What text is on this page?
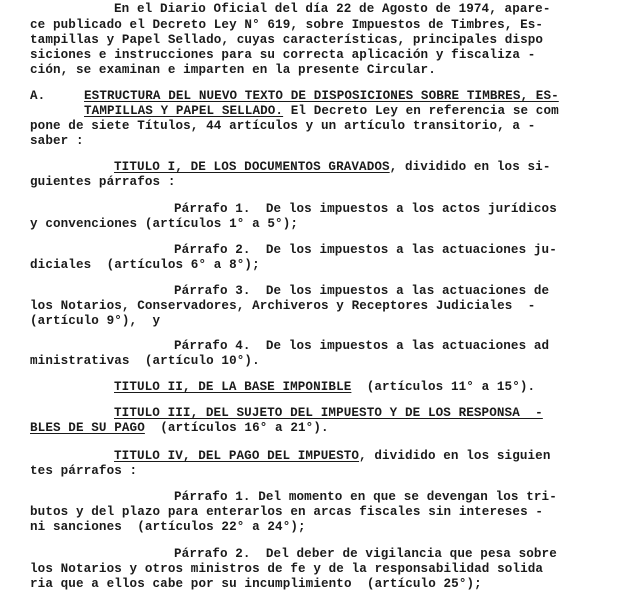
En el Diario Oficial del día 22 de Agosto de 1974, apare-
ce publicado el Decreto Ley N° 619, sobre Impuestos de Timbres, Es-
tampillas y Papel Sellado, cuyas características, principales dispo
siciones e instrucciones para su correcta aplicación y fiscaliza -
ción, se examinan e imparten en la presente Circular.
A.	ESTRUCTURA DEL NUEVO TEXTO DE DISPOSICIONES SOBRE TIMBRES, ES-
TAMPILLAS Y PAPEL SELLADO. El Decreto Ley en referencia se com
pone de siete Títulos, 44 artículos y un artículo transitorio, a -
saber :
TITULO I, DE LOS DOCUMENTOS GRAVADOS, dividido en los si-
guientes párrafos :
Párrafo 1.  De los impuestos a los actos jurídicos
y convenciones (artículos 1° a 5°);
Párrafo 2.  De los impuestos a las actuaciones ju-
diciales  (artículos 6° a 8°);
Párrafo 3.  De los impuestos a las actuaciones de
los Notarios, Conservadores, Archiveros y Receptores Judiciales  -
(artículo 9°),  y
Párrafo 4.  De los impuestos a las actuaciones ad
ministrativas  (artículo 10°).
TITULO II, DE LA BASE IMPONIBLE  (artículos 11° a 15°).
TITULO III, DEL SUJETO DEL IMPUESTO Y DE LOS RESPONSA  -
BLES DE SU PAGO  (artículos 16° a 21°).
TITULO IV, DEL PAGO DEL IMPUESTO, dividido en los siguien
tes párrafos :
Párrafo 1. Del momento en que se devengan los tri-
butos y del plazo para enterarlos en arcas fiscales sin intereses -
ni sanciones  (artículos 22° a 24°);
Párrafo 2.  Del deber de vigilancia que pesa sobre
los Notarios y otros ministros de fe y de la responsabilidad solida
ria que a ellos cabe por su incumplimiento  (artículo 25°);
